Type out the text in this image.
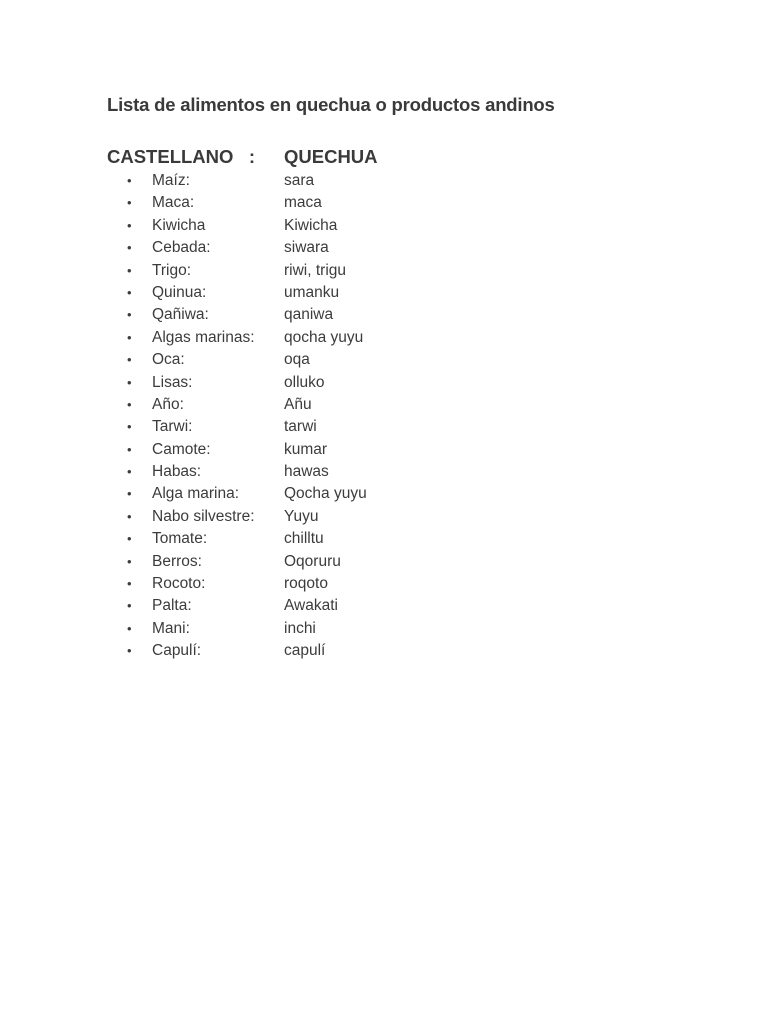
Lista de alimentos en quechua o productos andinos
CASTELLANO   : QUECHUA
• Maíz:	sara
• Maca:	maca
• Kiwicha	Kiwicha
• Cebada:	siwara
• Trigo:	riwi, trigu
• Quinua:	umanku
• Qañiwa:	qaniwa
• Algas marinas: qocha yuyu
• Oca:	oqa
• Lisas:	olluko
• Año:	Añu
• Tarwi:	tarwi
• Camote:	kumar
• Habas:	hawas
• Alga marina:	Qocha yuyu
• Nabo silvestre: Yuyu
• Tomate:	chilltu
• Berros:	Oqoruru
• Rocoto:	roqoto
• Palta:	Awakati
• Mani:	inchi
• Capulí:	capulí
